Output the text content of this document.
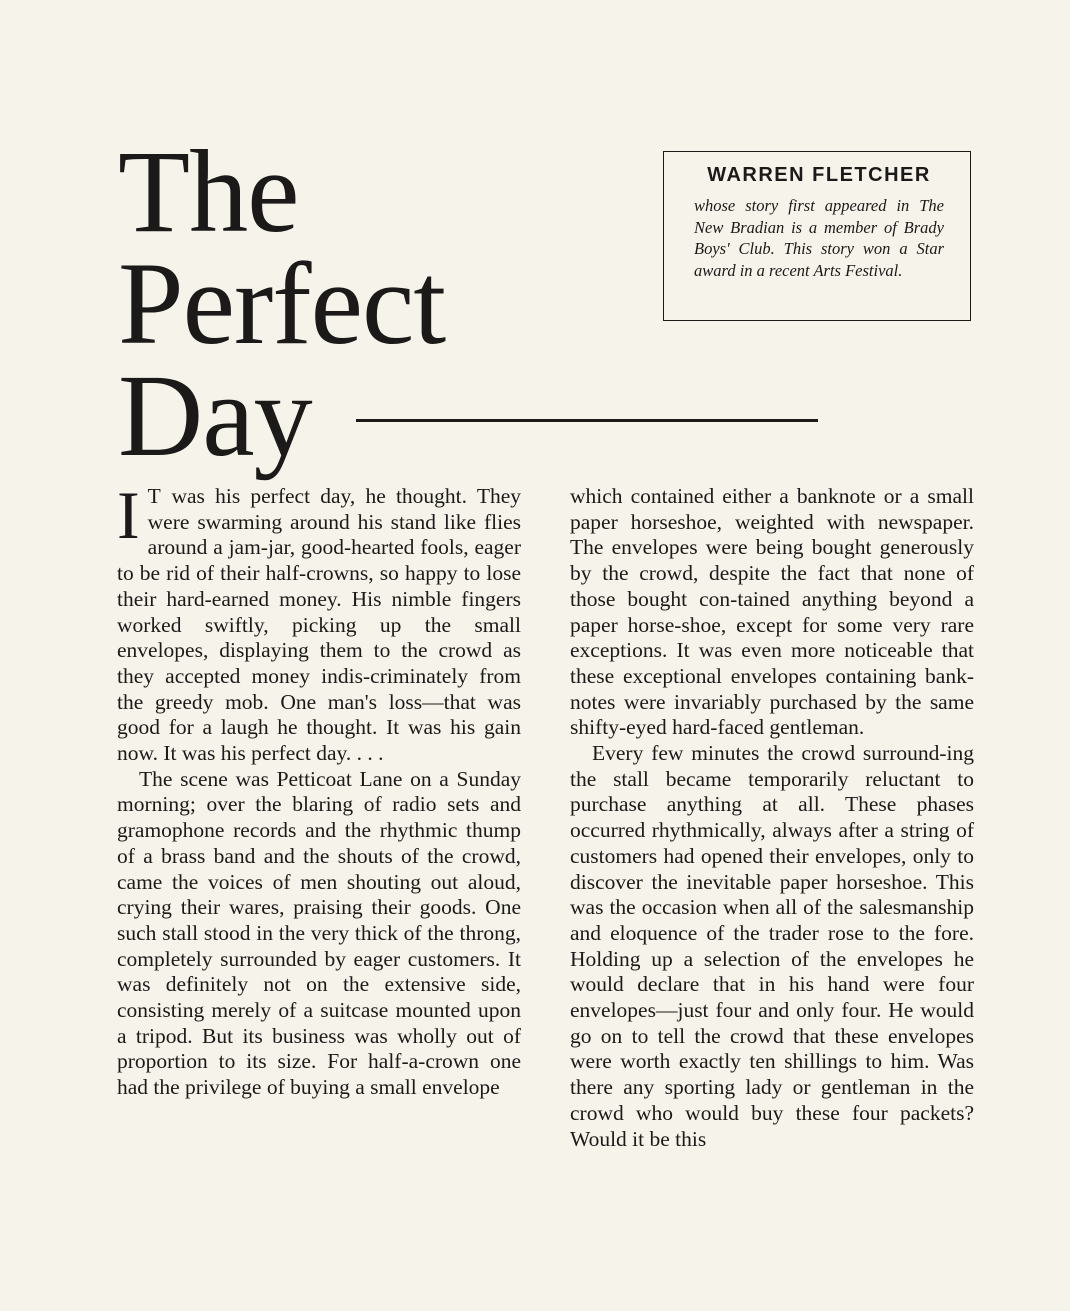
The
Perfect
Day
WARREN FLETCHER

whose story first appeared in The New Bradian is a member of Brady Boys' Club. This story won a Star award in a recent Arts Festival.

I T was his perfect day, he thought. They were swarming around his stand like flies around a jam-jar, good-hearted fools, eager to be rid of their half-crowns, so happy to lose their hard-earned money. His nimble fingers worked swiftly, picking up the small envelopes, displaying them to the crowd as they accepted money indis-criminately from the greedy mob. One man's loss—that was good for a laugh he thought. It was his gain now. It was his perfect day. . . .

The scene was Petticoat Lane on a Sunday morning; over the blaring of radio sets and gramophone records and the rhythmic thump of a brass band and the shouts of the crowd, came the voices of men shouting out aloud, crying their wares, praising their goods. One such stall stood in the very thick of the throng, completely surrounded by eager customers. It was definitely not on the extensive side, consisting merely of a suitcase mounted upon a tripod. But its business was wholly out of proportion to its size. For half-a-crown one had the privilege of buying a small envelope

which contained either a banknote or a small paper horseshoe, weighted with newspaper. The envelopes were being bought generously by the crowd, despite the fact that none of those bought con-tained anything beyond a paper horse-shoe, except for some very rare exceptions. It was even more noticeable that these exceptional envelopes containing bank-notes were invariably purchased by the same shifty-eyed hard-faced gentleman.

Every few minutes the crowd surround-ing the stall became temporarily reluctant to purchase anything at all. These phases occurred rhythmically, always after a string of customers had opened their envelopes, only to discover the inevitable paper horseshoe. This was the occasion when all of the salesmanship and eloquence of the trader rose to the fore. Holding up a selection of the envelopes he would declare that in his hand were four envelopes—just four and only four. He would go on to tell the crowd that these envelopes were worth exactly ten shillings to him. Was there any sporting lady or gentleman in the crowd who would buy these four packets? Would it be this
